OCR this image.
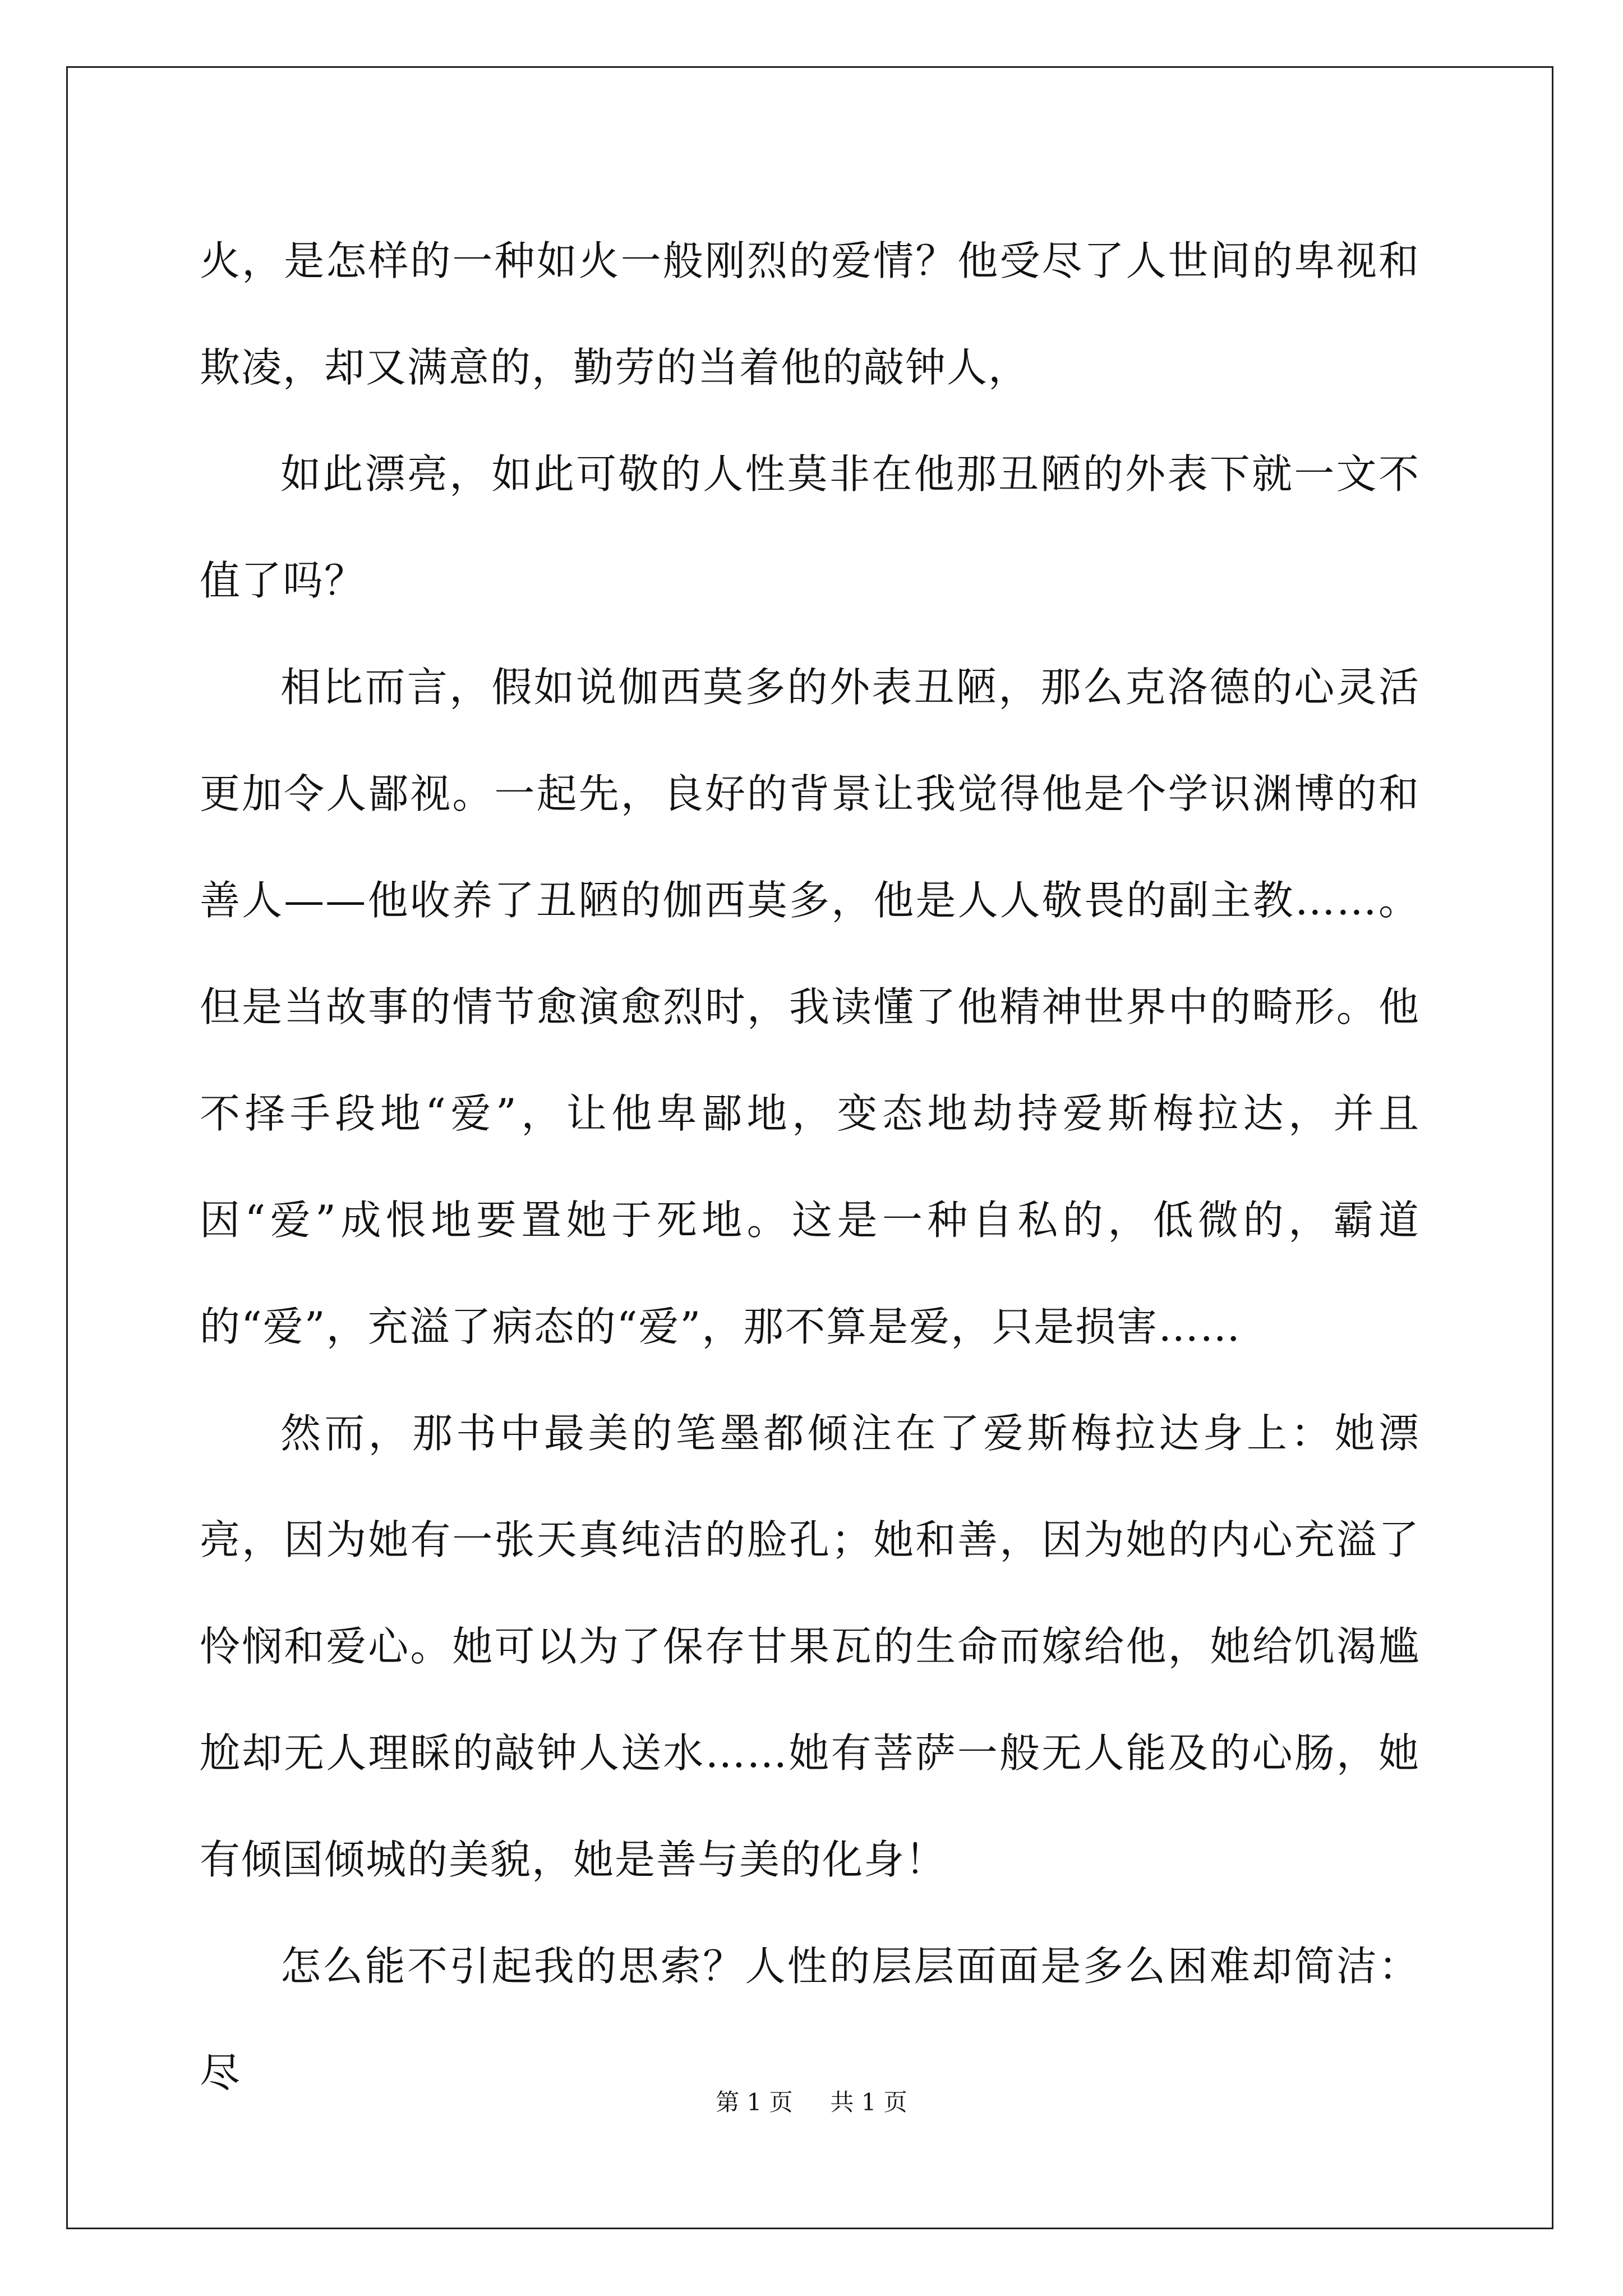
火，是怎样的一种如火一般刚烈的爱情？他受尽了人世间的卑视和欺凌，却又满意的，勤劳的当着他的敲钟人，

如此漂亮，如此可敬的人性莫非在他那丑陋的外表下就一文不值了吗？

相比而言，假如说伽西莫多的外表丑陋，那么克洛德的心灵活更加令人鄙视。一起先，良好的背景让我觉得他是个学识渊博的和善人——他收养了丑陋的伽西莫多，他是人人敬畏的副主教……。但是当故事的情节愈演愈烈时，我读懂了他精神世界中的畸形。他不择手段地“爱”，让他卑鄙地，变态地劫持爱斯梅拉达，并且因“爱”成恨地要置她于死地。这是一种自私的，低微的，霸道的“爱”，充溢了病态的“爱”，那不算是爱，只是损害……

然而，那书中最美的笔墨都倾注在了爱斯梅拉达身上：她漂亮，因为她有一张天真纯洁的脸孔；她和善，因为她的内心充溢了怜悯和爱心。她可以为了保存甘果瓦的生命而嫁给他，她给饥渴尴尬却无人理睬的敲钟人送水……她有菩萨一般无人能及的心肠，她有倾国倾城的美貌，她是善与美的化身！

怎么能不引起我的思索？人性的层层面面是多么困难却简洁：尽

第 1 页 共 1 页
